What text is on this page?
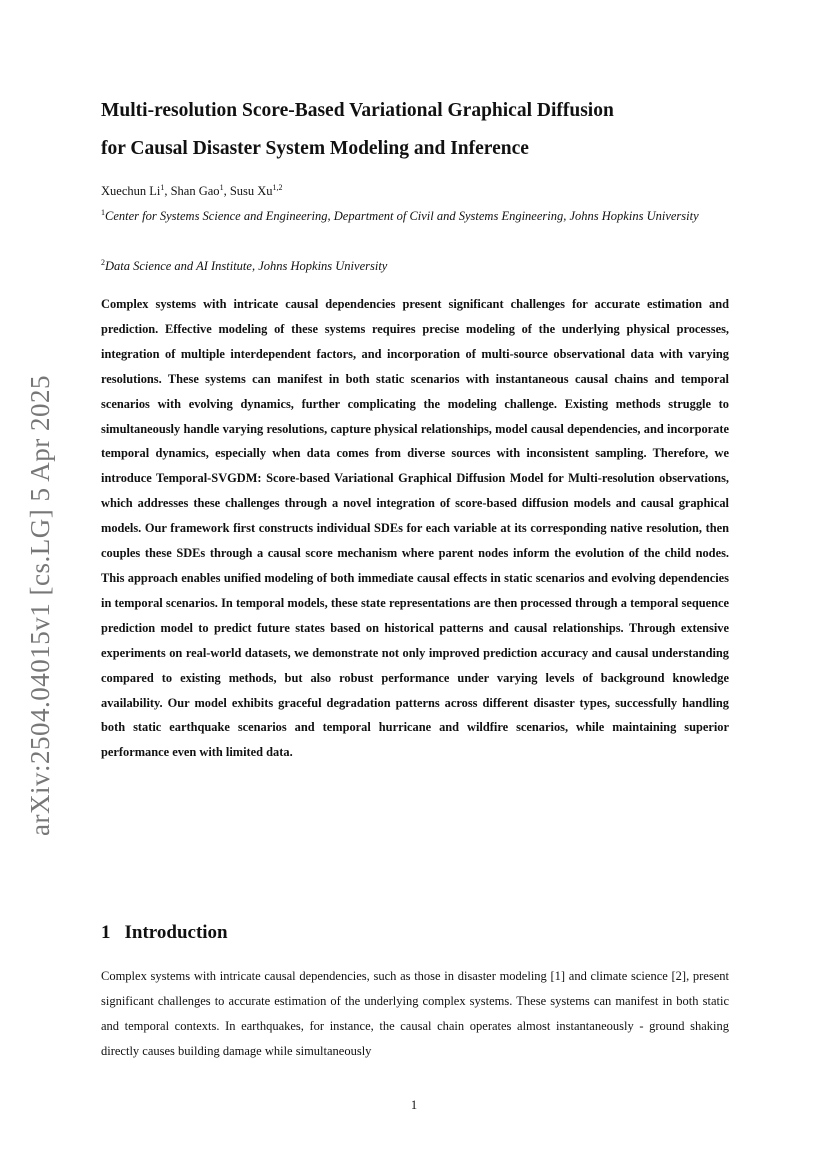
arXiv:2504.04015v1 [cs.LG] 5 Apr 2025
Multi-resolution Score-Based Variational Graphical Diffusion
for Causal Disaster System Modeling and Inference
Xuechun Li$^1$, Shan Gao$^1$, Susu Xu$^{1,2}$
$^1$Center for Systems Science and Engineering, Department of Civil and Systems Engineering, Johns Hopkins University
$^2$Data Science and AI Institute, Johns Hopkins University

Complex systems with intricate causal dependencies present significant challenges for accurate estimation and prediction. Effective modeling of these systems requires precise modeling of the underlying physical processes, integration of multiple interdependent factors, and incorporation of multi-source observational data with varying resolutions. These systems can manifest in both static scenarios with instantaneous causal chains and temporal scenarios with evolving dynamics, further complicating the modeling challenge. Existing methods struggle to simultaneously handle varying resolutions, capture physical relationships, model causal dependencies, and incorporate temporal dynamics, especially when data comes from diverse sources with inconsistent sampling. Therefore, we introduce Temporal-SVGDM: Score-based Variational Graphical Diffusion Model for Multi-resolution observations, which addresses these challenges through a novel integration of score-based diffusion models and causal graphical models. Our framework first constructs individual SDEs for each variable at its corresponding native resolution, then couples these SDEs through a causal score mechanism where parent nodes inform the evolution of the child nodes. This approach enables unified modeling of both immediate causal effects in static scenarios and evolving dependencies in temporal scenarios. In temporal models, these state representations are then processed through a temporal sequence prediction model to predict future states based on historical patterns and causal relationships. Through extensive experiments on real-world datasets, we demonstrate not only improved prediction accuracy and causal understanding compared to existing methods, but also robust performance under varying levels of background knowledge availability. Our model exhibits graceful degradation patterns across different disaster types, successfully handling both static earthquake scenarios and temporal hurricane and wildfire scenarios, while maintaining superior performance even with limited data.

1 Introduction

Complex systems with intricate causal dependencies, such as those in disaster modeling [1] and climate science [2], present significant challenges to accurate estimation of the underlying complex systems. These systems can manifest in both static and temporal contexts. In earthquakes, for instance, the causal chain operates almost instantaneously - ground shaking directly causes building damage while simultaneously

1
